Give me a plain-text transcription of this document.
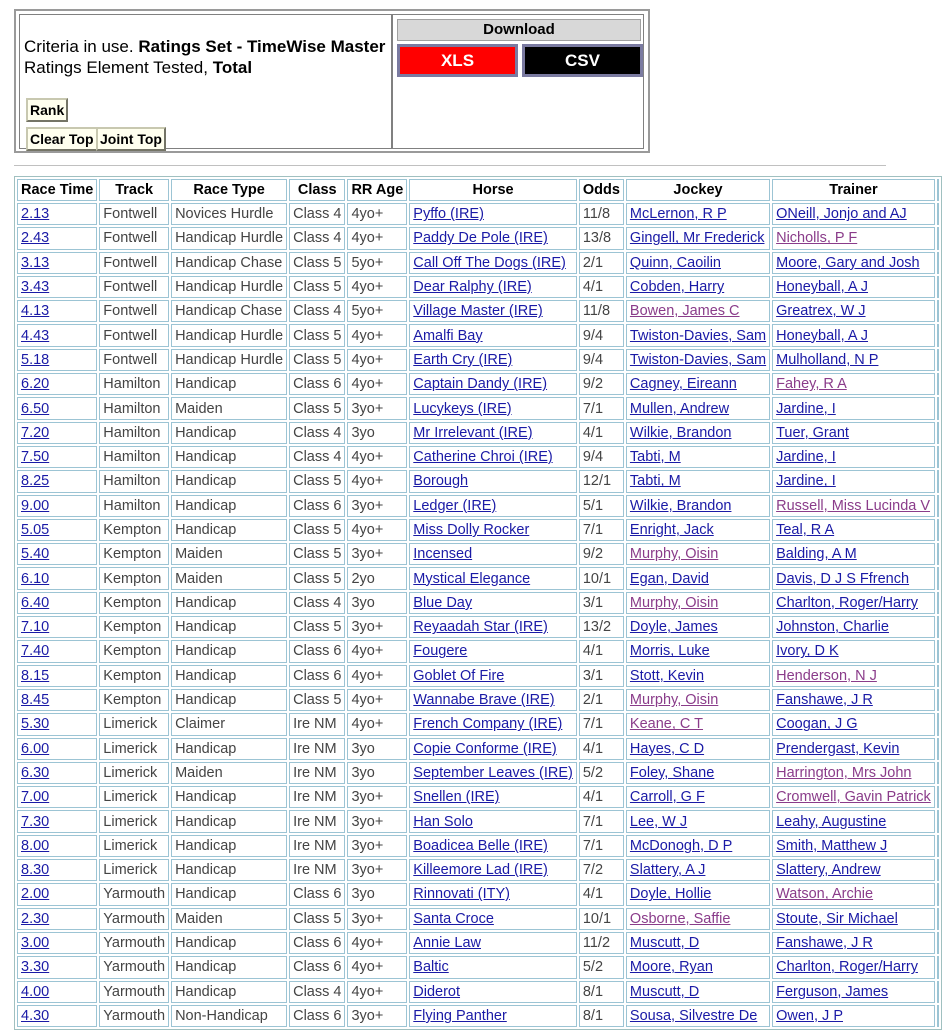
Criteria in use. Ratings Set - TimeWise Master
Ratings Element Tested, Total
Rank
Clear Top Joint Top
Download
XLS	CSV
Race Time	Track	Race Type	Class	RR Age	Horse	Odds	Jockey	Trainer	
2.13	Fontwell	Novices Hurdle	Class 4	4yo+	Pyffo (IRE)	11/8	McLernon, R P	ONeill, Jonjo and AJ	
2.43	Fontwell	Handicap Hurdle	Class 4	4yo+	Paddy De Pole (IRE)	13/8	Gingell, Mr Frederick	Nicholls, P F	
3.13	Fontwell	Handicap Chase	Class 5	5yo+	Call Off The Dogs (IRE)	2/1	Quinn, Caoilin	Moore, Gary and Josh	
3.43	Fontwell	Handicap Hurdle	Class 5	4yo+	Dear Ralphy (IRE)	4/1	Cobden, Harry	Honeyball, A J	
4.13	Fontwell	Handicap Chase	Class 4	5yo+	Village Master (IRE)	11/8	Bowen, James C	Greatrex, W J	
4.43	Fontwell	Handicap Hurdle	Class 5	4yo+	Amalfi Bay	9/4	Twiston-Davies, Sam	Honeyball, A J	
5.18	Fontwell	Handicap Hurdle	Class 5	4yo+	Earth Cry (IRE)	9/4	Twiston-Davies, Sam	Mulholland, N P	
6.20	Hamilton	Handicap	Class 6	4yo+	Captain Dandy (IRE)	9/2	Cagney, Eireann	Fahey, R A	
6.50	Hamilton	Maiden	Class 5	3yo+	Lucykeys (IRE)	7/1	Mullen, Andrew	Jardine, I	
7.20	Hamilton	Handicap	Class 4	3yo	Mr Irrelevant (IRE)	4/1	Wilkie, Brandon	Tuer, Grant	
7.50	Hamilton	Handicap	Class 4	4yo+	Catherine Chroi (IRE)	9/4	Tabti, M	Jardine, I	
8.25	Hamilton	Handicap	Class 5	4yo+	Borough	12/1	Tabti, M	Jardine, I	
9.00	Hamilton	Handicap	Class 6	3yo+	Ledger (IRE)	5/1	Wilkie, Brandon	Russell, Miss Lucinda V	
5.05	Kempton	Handicap	Class 5	4yo+	Miss Dolly Rocker	7/1	Enright, Jack	Teal, R A	
5.40	Kempton	Maiden	Class 5	3yo+	Incensed	9/2	Murphy, Oisin	Balding, A M	
6.10	Kempton	Maiden	Class 5	2yo	Mystical Elegance	10/1	Egan, David	Davis, D J S Ffrench	
6.40	Kempton	Handicap	Class 4	3yo	Blue Day	3/1	Murphy, Oisin	Charlton, Roger/Harry	
7.10	Kempton	Handicap	Class 5	3yo+	Reyaadah Star (IRE)	13/2	Doyle, James	Johnston, Charlie	
7.40	Kempton	Handicap	Class 6	4yo+	Fougere	4/1	Morris, Luke	Ivory, D K	
8.15	Kempton	Handicap	Class 6	4yo+	Goblet Of Fire	3/1	Stott, Kevin	Henderson, N J	
8.45	Kempton	Handicap	Class 5	4yo+	Wannabe Brave (IRE)	2/1	Murphy, Oisin	Fanshawe, J R	
5.30	Limerick	Claimer	Ire NM	4yo+	French Company (IRE)	7/1	Keane, C T	Coogan, J G	
6.00	Limerick	Handicap	Ire NM	3yo	Copie Conforme (IRE)	4/1	Hayes, C D	Prendergast, Kevin	
6.30	Limerick	Maiden	Ire NM	3yo	September Leaves (IRE)	5/2	Foley, Shane	Harrington, Mrs John	
7.00	Limerick	Handicap	Ire NM	3yo+	Snellen (IRE)	4/1	Carroll, G F	Cromwell, Gavin Patrick	
7.30	Limerick	Handicap	Ire NM	3yo+	Han Solo	7/1	Lee, W J	Leahy, Augustine	
8.00	Limerick	Handicap	Ire NM	3yo+	Boadicea Belle (IRE)	7/1	McDonogh, D P	Smith, Matthew J	
8.30	Limerick	Handicap	Ire NM	3yo+	Killeemore Lad (IRE)	7/2	Slattery, A J	Slattery, Andrew	
2.00	Yarmouth	Handicap	Class 6	3yo	Rinnovati (ITY)	4/1	Doyle, Hollie	Watson, Archie	
2.30	Yarmouth	Maiden	Class 5	3yo+	Santa Croce	10/1	Osborne, Saffie	Stoute, Sir Michael	
3.00	Yarmouth	Handicap	Class 6	4yo+	Annie Law	11/2	Muscutt, D	Fanshawe, J R	
3.30	Yarmouth	Handicap	Class 6	4yo+	Baltic	5/2	Moore, Ryan	Charlton, Roger/Harry	
4.00	Yarmouth	Handicap	Class 4	4yo+	Diderot	8/1	Muscutt, D	Ferguson, James	
4.30	Yarmouth	Non-Handicap	Class 6	3yo+	Flying Panther	8/1	Sousa, Silvestre De	Owen, J P	
